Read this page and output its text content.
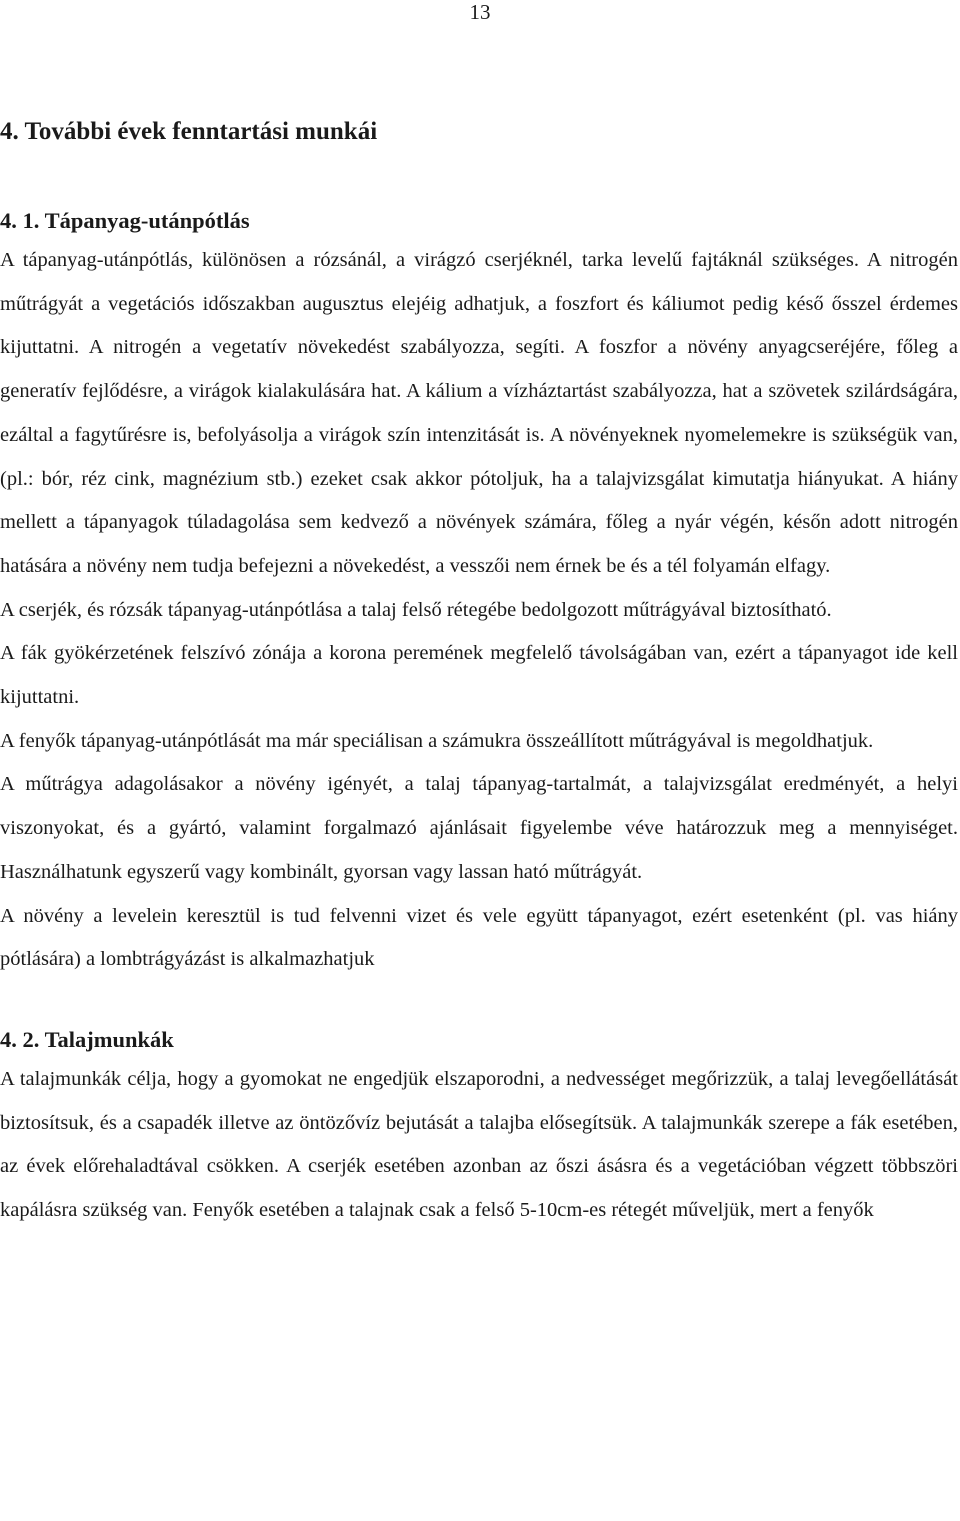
13
4. További évek fenntartási munkái
4. 1. Tápanyag-utánpótlás

A tápanyag-utánpótlás, különösen a rózsánál, a virágzó cserjéknél, tarka levelű fajtáknál szükséges. A nitrogén műtrágyát a vegetációs időszakban augusztus elejéig adhatjuk, a foszfort és káliumot pedig késő ősszel érdemes kijuttatni. A nitrogén a vegetatív növekedést szabályozza, segíti. A foszfor a növény anyagcseréjére, főleg a generatív fejlődésre, a virágok kialakulására hat. A kálium a vízháztartást szabályozza, hat a szövetek szilárdságára, ezáltal a fagytűrésre is, befolyásolja a virágok szín intenzitását is. A növényeknek nyomelemekre is szükségük van, (pl.: bór, réz cink, magnézium stb.) ezeket csak akkor pótoljuk, ha a talajvizsgálat kimutatja hiányukat. A hiány mellett a tápanyagok túladagolása sem kedvező a növények számára, főleg a nyár végén, későn adott nitrogén hatására a növény nem tudja befejezni a növekedést, a vesszői nem érnek be és a tél folyamán elfagy.

A cserjék, és rózsák tápanyag-utánpótlása a talaj felső rétegébe bedolgozott műtrágyával biztosítható.

A fák gyökérzetének felszívó zónája a korona peremének megfelelő távolságában van, ezért a tápanyagot ide kell kijuttatni.

A fenyők tápanyag-utánpótlását ma már speciálisan a számukra összeállított műtrágyával is megoldhatjuk.

A műtrágya adagolásakor a növény igényét, a talaj tápanyag-tartalmát, a talajvizsgálat eredményét, a helyi viszonyokat, és a gyártó, valamint forgalmazó ajánlásait figyelembe véve határozzuk meg a mennyiséget. Használhatunk egyszerű vagy kombinált, gyorsan vagy lassan ható műtrágyát.

A növény a levelein keresztül is tud felvenni vizet és vele együtt tápanyagot, ezért esetenként (pl. vas hiány pótlására) a lombtrágyázást is alkalmazhatjuk

4. 2. Talajmunkák

A talajmunkák célja, hogy a gyomokat ne engedjük elszaporodni, a nedvességet megőrizzük, a talaj levegőellátását biztosítsuk, és a csapadék illetve az öntözővíz bejutását a talajba elősegítsük. A talajmunkák szerepe a fák esetében, az évek előrehaladtával csökken. A cserjék esetében azonban az őszi ásásra és a vegetációban végzett többszöri kapálásra szükség van. Fenyők esetében a talajnak csak a felső 5-10cm-es rétegét műveljük, mert a fenyők
